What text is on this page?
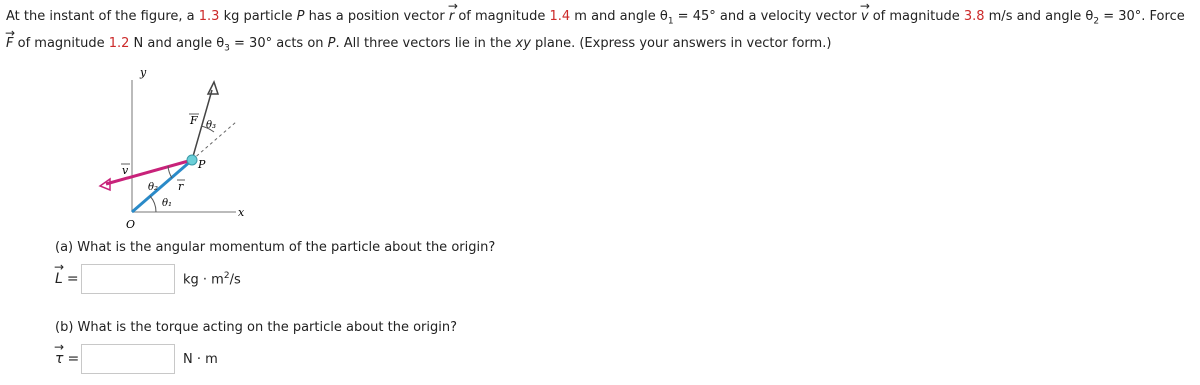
At the instant of the figure, a 1.3 kg particle P has a position vector → r of magnitude 1.4 m and angle $\theta_1 = 45^\circ$ and a velocity vector → v of magnitude 3.8 m/s and angle $\theta_2 = 30^\circ$. Force → F of magnitude 1.2 N and angle $\theta_3 = 30^\circ$ acts on P. All three vectors lie in the xy plane. (Express your answers in vector form.)
y
x
O
P
F
v
r
θ₁
θ₂
θ₃
(a) What is the angular momentum of the particle about the origin?
→ L =	kg · $m^2/s$
(b) What is the torque acting on the particle about the origin?
→ τ =	N · m
